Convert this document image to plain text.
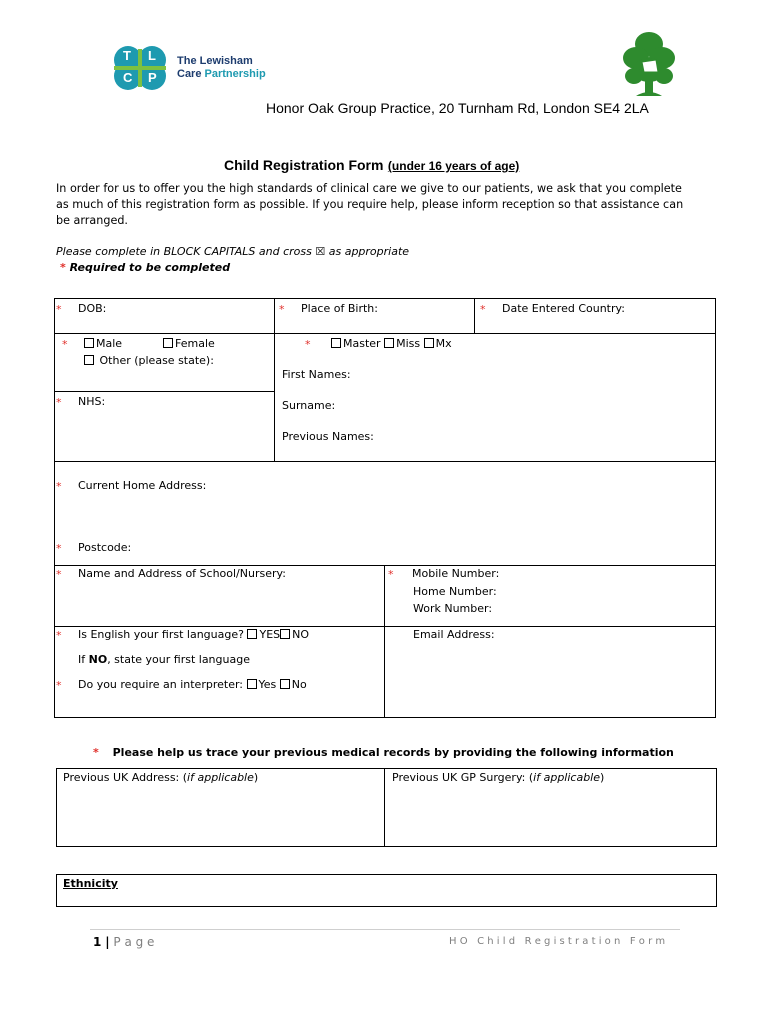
T L
C P
The Lewisham
Care Partnership
Honor Oak Group Practice, 20 Turnham Rd, London SE4 2LA
Child Registration Form (under 16 years of age)
In order for us to offer you the high standards of clinical care we give to our patients, we ask that you complete
as much of this registration form as possible. If you require help, please inform reception so that assistance can
be arranged.
Please complete in BLOCK CAPITALS and cross ☒ as appropriate
* Required to be completed
* DOB:	* Place of Birth:	* Date Entered Country:
*	Male	Female
Other (please state):
* NHS:
*	Master Miss Mx
First Names:
Surname:
Previous Names:
* Current Home Address:
* Postcode:
* Name and Address of School/Nursery:	* Mobile Number:
Home Number:
Work Number:
* Is English your first language? YES NO
If NO, state your first language
* Do you require an interpreter: Yes No
Email Address:
* Please help us trace your previous medical records by providing the following information
Previous UK Address: (if applicable)	Previous UK GP Surgery: (if applicable)
Ethnicity
1 | P a g e	H O   C h i l d   R e g i s t r a t i o n   F o r m
